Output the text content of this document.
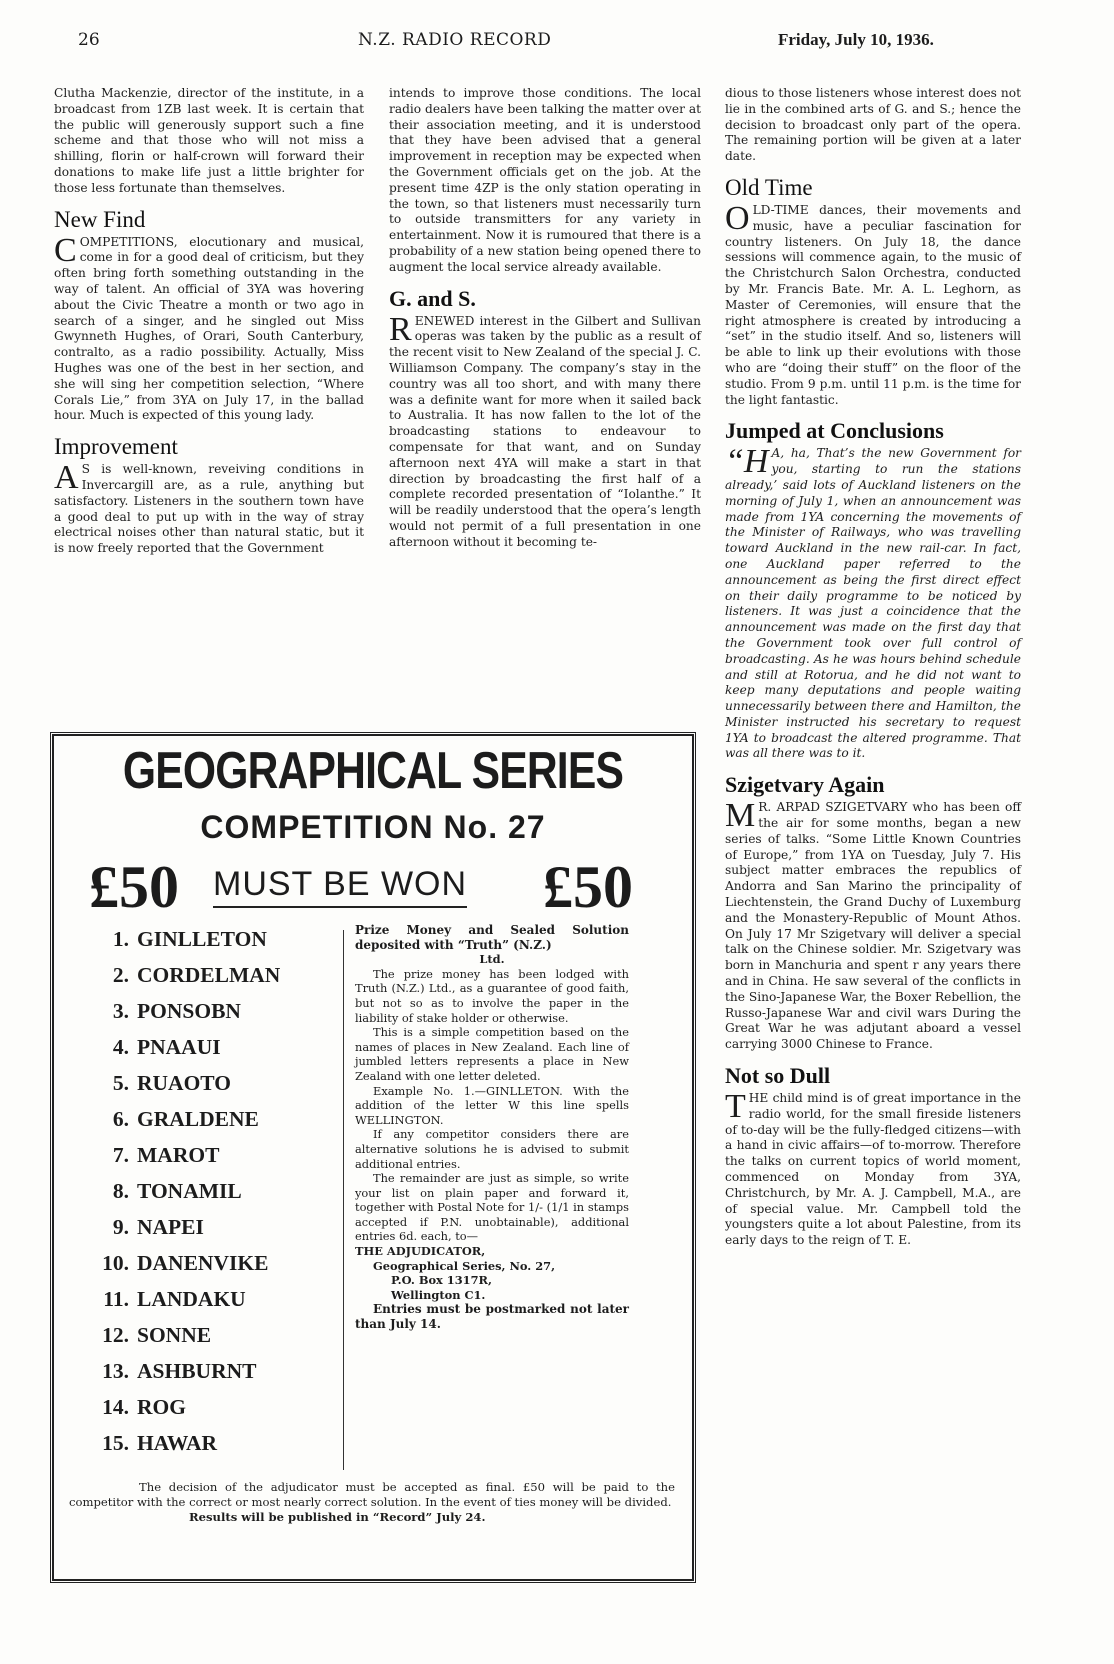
26	N.Z. RADIO RECORD	Friday, July 10, 1936.

Clutha Mackenzie, director of the institute, in a broadcast from 1ZB last week. It is certain that the public will generously support such a fine scheme and that those who will not miss a shilling, florin or half-crown will forward their donations to make life just a little brighter for those less fortunate than themselves.

New Find

COMPETITIONS, elocutionary and musical, come in for a good deal of criticism, but they often bring forth something outstanding in the way of talent. An official of 3YA was hovering about the Civic Theatre a month or two ago in search of a singer, and he singled out Miss Gwynneth Hughes, of Orari, South Canterbury, contralto, as a radio possibility. Actually, Miss Hughes was one of the best in her section, and she will sing her competition selection, “Where Corals Lie,” from 3YA on July 17, in the ballad hour. Much is expected of this young lady.

Improvement

A S is well-known, reveiving conditions in Invercargill are, as a rule, anything but satisfactory. Listeners in the southern town have a good deal to put up with in the way of stray electrical noises other than natural static, but it is now freely reported that the Government

intends to improve those conditions. The local radio dealers have been talking the matter over at their association meeting, and it is understood that they have been advised that a general improvement in reception may be expected when the Government officials get on the job. At the present time 4ZP is the only station operating in the town, so that listeners must necessarily turn to outside transmitters for any variety in entertainment. Now it is rumoured that there is a probability of a new station being opened there to augment the local service already available.

G. and S.

RENEWED interest in the Gilbert and Sullivan operas was taken by the public as a result of the recent visit to New Zealand of the special J. C. Williamson Company. The company’s stay in the country was all too short, and with many there was a definite want for more when it sailed back to Australia. It has now fallen to the lot of the broadcasting stations to endeavour to compensate for that want, and on Sunday afternoon next 4YA will make a start in that direction by broadcasting the first half of a complete recorded presentation of “Iolanthe.” It will be readily understood that the opera’s length would not permit of a full presentation in one afternoon without it becoming te-

dious to those listeners whose interest does not lie in the combined arts of G. and S.; hence the decision to broadcast only part of the opera. The remaining portion will be given at a later date.

Old Time

OLD-TIME dances, their movements and music, have a peculiar fascination for country listeners. On July 18, the dance sessions will commence again, to the music of the Christchurch Salon Orchestra, conducted by Mr. Francis Bate. Mr. A. L. Leghorn, as Master of Ceremonies, will ensure that the right atmosphere is created by introducing a “set” in the studio itself. And so, listeners will be able to link up their evolutions with those who are “doing their stuff” on the floor of the studio. From 9 p.m. until 11 p.m. is the time for the light fantastic.

Jumped at Conclusions

“H A, ha, That’s the new Government for you, starting to run the stations already,’ said lots of Auckland listeners on the morning of July 1, when an announcement was made from 1YA concerning the movements of the Minister of Railways, who was travelling toward Auckland in the new rail-car. In fact, one Auckland paper referred to the announcement as being the first direct effect on their daily programme to be noticed by listeners. It was just a coincidence that the announcement was made on the first day that the Government took over full control of broadcasting. As he was hours behind schedule and still at Rotorua, and he did not want to keep many deputations and people waiting unnecessarily between there and Hamilton, the Minister instructed his secretary to request 1YA to broadcast the altered programme. That was all there was to it.

Szigetvary Again

M R. ARPAD SZIGETVARY who has been off the air for some months, began a new series of talks. “Some Little Known Countries of Europe,” from 1YA on Tuesday, July 7. His subject matter embraces the republics of Andorra and San Marino the principality of Liechtenstein, the Grand Duchy of Luxemburg and the Monastery-Republic of Mount Athos. On July 17 Mr Szigetvary will deliver a special talk on the Chinese soldier. Mr. Szigetvary was born in Manchuria and spent r any years there and in China. He saw several of the conflicts in the Sino-Japanese War, the Boxer Rebellion, the Russo-Japanese War and civil wars During the Great War he was adjutant aboard a vessel carrying 3000 Chinese to France.

Not so Dull

THE child mind is of great importance in the radio world, for the small fireside listeners of to-day will be the fully-fledged citizens—with a hand in civic affairs—of to-morrow. Therefore the talks on current topics of world moment, commenced on Monday from 3YA, Christchurch, by Mr. A. J. Campbell, M.A., are of special value. Mr. Campbell told the youngsters quite a lot about Palestine, from its early days to the reign of T. E.

GEOGRAPHICAL SERIES
COMPETITION No. 27
£50 MUST BE WON £50
1. GINLLETON
2. CORDELMAN
3. PONSOBN
4. PNAAUI
5. RUAOTO
6. GRALDENE
7. MAROT
8. TONAMIL
9. NAPEI
10. DANENVIKE
11. LANDAKU
12. SONNE
13. ASHBURNT
14. ROG
15. HAWAR

Prize Money and Sealed Solution deposited with “Truth” (N.Z.)

Ltd.

The prize money has been lodged with Truth (N.Z.) Ltd., as a guarantee of good faith, but not so as to involve the paper in the liability of stake holder or otherwise.

This is a simple competition based on the names of places in New Zealand. Each line of jumbled letters represents a place in New Zealand with one letter deleted.

Example No. 1.—GINLLETON. With the addition of the letter W this line spells WELLINGTON.

If any competitor considers there are alternative solutions he is advised to submit additional entries.

The remainder are just as simple, so write your list on plain paper and forward it, together with Postal Note for 1/- (1/1 in stamps accepted if P.N. unobtainable), additional entries 6d. each, to—

THE ADJUDICATOR,

Geographical Series, No. 27,

P.O. Box 1317R,

Wellington C1.

Entries must be postmarked not later than July 14.

The decision of the adjudicator must be accepted as final. £50 will be paid to the competitor with the correct or most nearly correct solution. In the event of ties money will be divided.

Results will be published in “Record” July 24.
